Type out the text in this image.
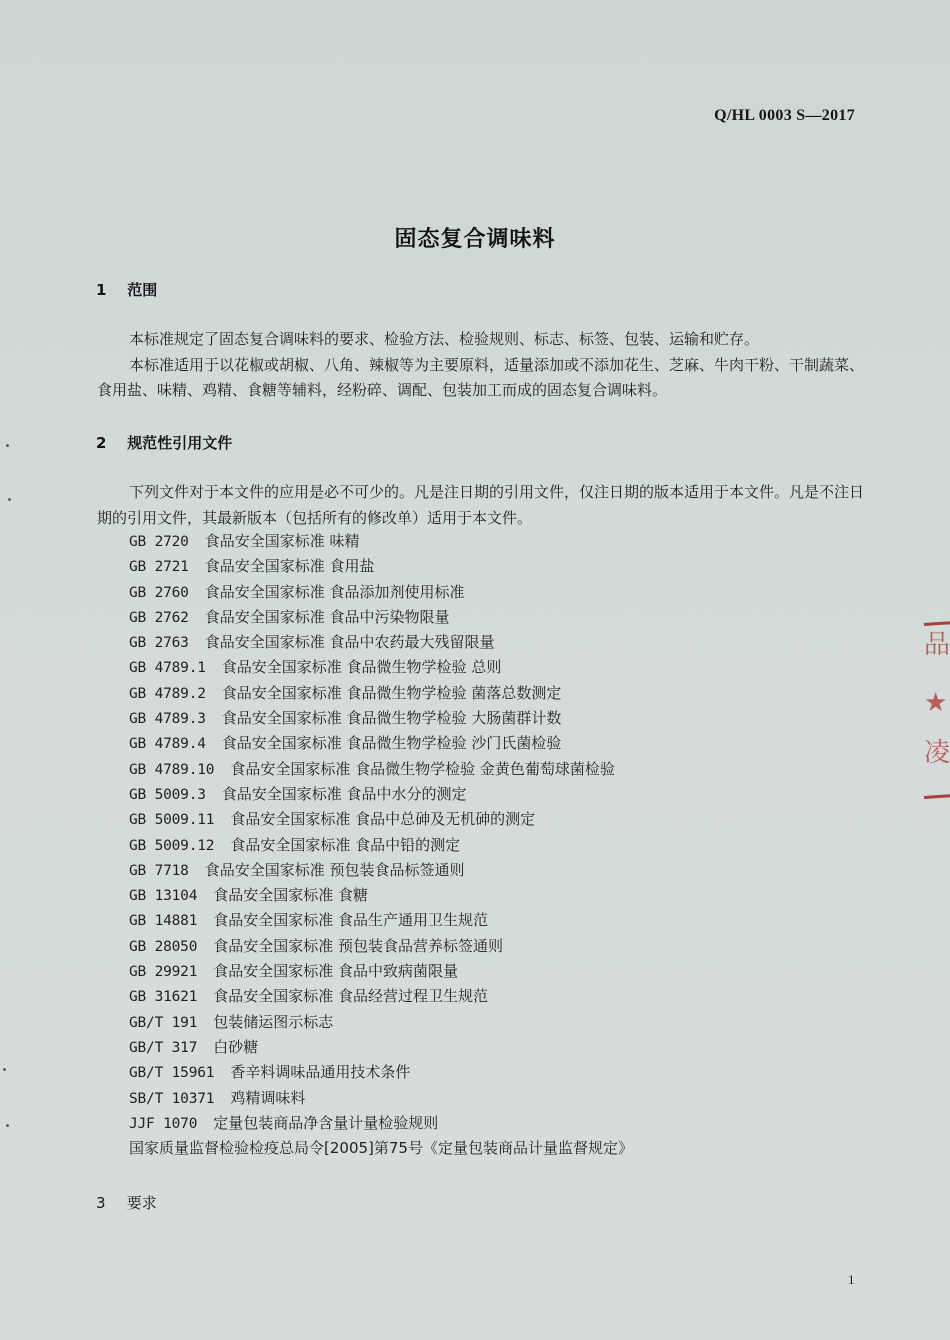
Q/HL 0003 S—2017
固态复合调味料
1 范围

本标准规定了固态复合调味料的要求、检验方法、检验规则、标志、标签、包装、运输和贮存。

本标准适用于以花椒或胡椒、八角、辣椒等为主要原料，适量添加或不添加花生、芝麻、牛肉干粉、干制蔬菜、食用盐、味精、鸡精、食糖等辅料，经粉碎、调配、包装加工而成的固态复合调味料。

2 规范性引用文件

下列文件对于本文件的应用是必不可少的。凡是注日期的引用文件，仅注日期的版本适用于本文件。凡是不注日期的引用文件，其最新版本（包括所有的修改单）适用于本文件。

GB 2720 食品安全国家标准 味精
GB 2721 食品安全国家标准 食用盐
GB 2760 食品安全国家标准 食品添加剂使用标准
GB 2762 食品安全国家标准 食品中污染物限量
GB 2763 食品安全国家标准 食品中农药最大残留限量
GB 4789.1 食品安全国家标准 食品微生物学检验 总则
GB 4789.2 食品安全国家标准 食品微生物学检验 菌落总数测定
GB 4789.3 食品安全国家标准 食品微生物学检验 大肠菌群计数
GB 4789.4 食品安全国家标准 食品微生物学检验 沙门氏菌检验
GB 4789.10 食品安全国家标准 食品微生物学检验 金黄色葡萄球菌检验
GB 5009.3 食品安全国家标准 食品中水分的测定
GB 5009.11 食品安全国家标准 食品中总砷及无机砷的测定
GB 5009.12 食品安全国家标准 食品中铅的测定
GB 7718 食品安全国家标准 预包装食品标签通则
GB 13104 食品安全国家标准 食糖
GB 14881 食品安全国家标准 食品生产通用卫生规范
GB 28050 食品安全国家标准 预包装食品营养标签通则
GB 29921 食品安全国家标准 食品中致病菌限量
GB 31621 食品安全国家标准 食品经营过程卫生规范
GB/T 191 包装储运图示标志
GB/T 317 白砂糖
GB/T 15961 香辛料调味品通用技术条件
SB/T 10371 鸡精调味料
JJF 1070 定量包装商品净含量计量检验规则
国家质量监督检验检疫总局令[2005]第75号《定量包装商品计量监督规定》
3 要求
品
★
凌
1
